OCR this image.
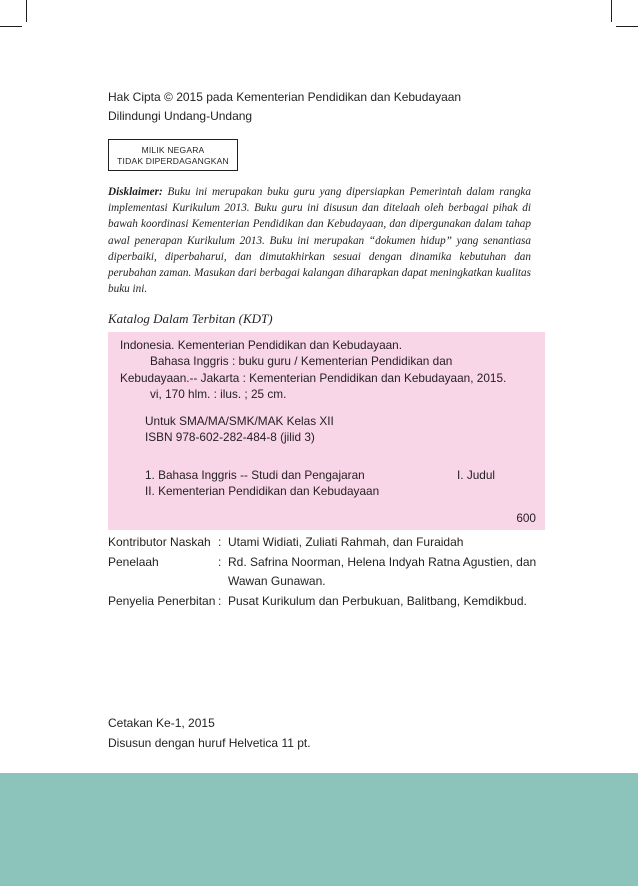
Hak Cipta © 2015 pada Kementerian Pendidikan dan Kebudayaan
Dilindungi Undang-Undang
MILIK NEGARA
TIDAK DIPERDAGANGKAN
Disklaimer: Buku ini merupakan buku guru yang dipersiapkan Pemerintah dalam rangka implementasi Kurikulum 2013. Buku guru ini disusun dan ditelaah oleh berbagai pihak di bawah koordinasi Kementerian Pendidikan dan Kebudayaan, dan dipergunakan dalam tahap awal penerapan Kurikulum 2013. Buku ini merupakan “dokumen hidup” yang senantiasa diperbaiki, diperbaharui, dan dimutakhirkan sesuai dengan dinamika kebutuhan dan perubahan zaman. Masukan dari berbagai kalangan diharapkan dapat meningkatkan kualitas buku ini.
Katalog Dalam Terbitan (KDT)
Indonesia. Kementerian Pendidikan dan Kebudayaan.
Bahasa Inggris : buku guru / Kementerian Pendidikan dan
Kebudayaan.-- Jakarta : Kementerian Pendidikan dan Kebudayaan, 2015.
vi, 170 hlm. : ilus. ; 25 cm.
Untuk SMA/MA/SMK/MAK Kelas XII
ISBN 978-602-282-484-8 (jilid 3)
1. Bahasa Inggris -- Studi dan Pengajaran	I. Judul
II. Kementerian Pendidikan dan Kebudayaan
600
Kontributor Naskah : Utami Widiati, Zuliati Rahmah, dan Furaidah
Penelaah	: Rd. Safrina Noorman, Helena Indyah Ratna Agustien, dan
Wawan Gunawan.
Penyelia Penerbitan : Pusat Kurikulum dan Perbukuan, Balitbang, Kemdikbud.
Cetakan Ke-1, 2015
Disusun dengan huruf Helvetica 11 pt.
